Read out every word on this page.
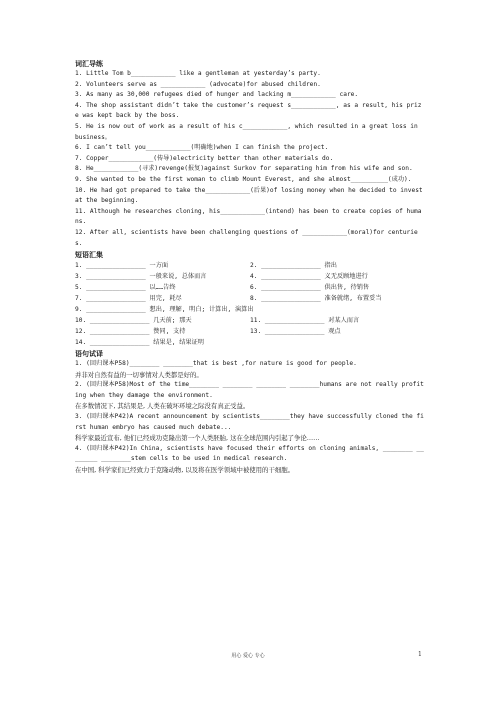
词汇导练
1. Little Tom b____________ like a gentleman at yesterday’s party.
2. Volunteers serve as ____________ (advocate)for abused children.
3. As many as 30,000 refugees died of hunger and lacking m____________ care.
4. The shop assistant didn’t take the customer’s request s____________, as a result, his prize was kept back by the boss.
5. He is now out of work as a result of his c____________, which resulted in a great loss in business。
6. I can’t tell you____________(明确地)when I can finish the project.
7. Copper____________(传导)electricity better than other materials do.
8. He____________(寻求)revenge(报复)against Surkov for separating him from his wife and son.
9. She wanted to be the first woman to climb Mount Everest, and she almost__________(成功).
10. He had got prepared to take the____________(后果)of losing money when he decided to invest at the beginning.
11. Although he researches cloning, his____________(intend) has been to create copies of humans.
12. After all, scientists have been challenging questions of ____________(moral)for centuries.
短语汇集
1. ________________ 一方面	2. ________________ 指出
3. ________________ 一般来说, 总体而言	4. ________________ 义无反顾地进行
5. ________________ 以……告终	6. ________________ 供出售, 待销售
7. ________________ 用完, 耗尽	8. ________________ 准备就绪, 布置妥当
9. ________________ 想出, 理解, 明白; 计算出, 演算出
10. ________________ 几天前; 那天	11. ________________ 对某人而言
12. ________________ 赞同, 支持	13. ________________ 观点
14. ________________ 结果是, 结果证明
语句试译
1. (回归课本P58)________ ________that is best ,for nature is good for people.
并非对自然有益的一切事情对人类都是好的。
2. (回归课本P58)Most of the time________ ________ ________ ________humans are not really profiting when they damage the environment.
在多数情况下, 其结果是, 人类在破坏环境之际没有真正受益。
3. (回归课本P42)A recent announcement by scientists________they have successfully cloned the first human embryo has caused much debate...
科学家最近宣布, 他们已经成功克隆出第一个人类胚胎, 这在全球范围内引起了争论……
4. (回归课本P42)In China, scientists have focused their efforts on cloning animals, ________ ________ ________stem cells to be used in medical research.
在中国, 科学家们已经致力于克隆动物, 以及将在医学领域中被使用的干细胞。
用心 爱心 专心	1
